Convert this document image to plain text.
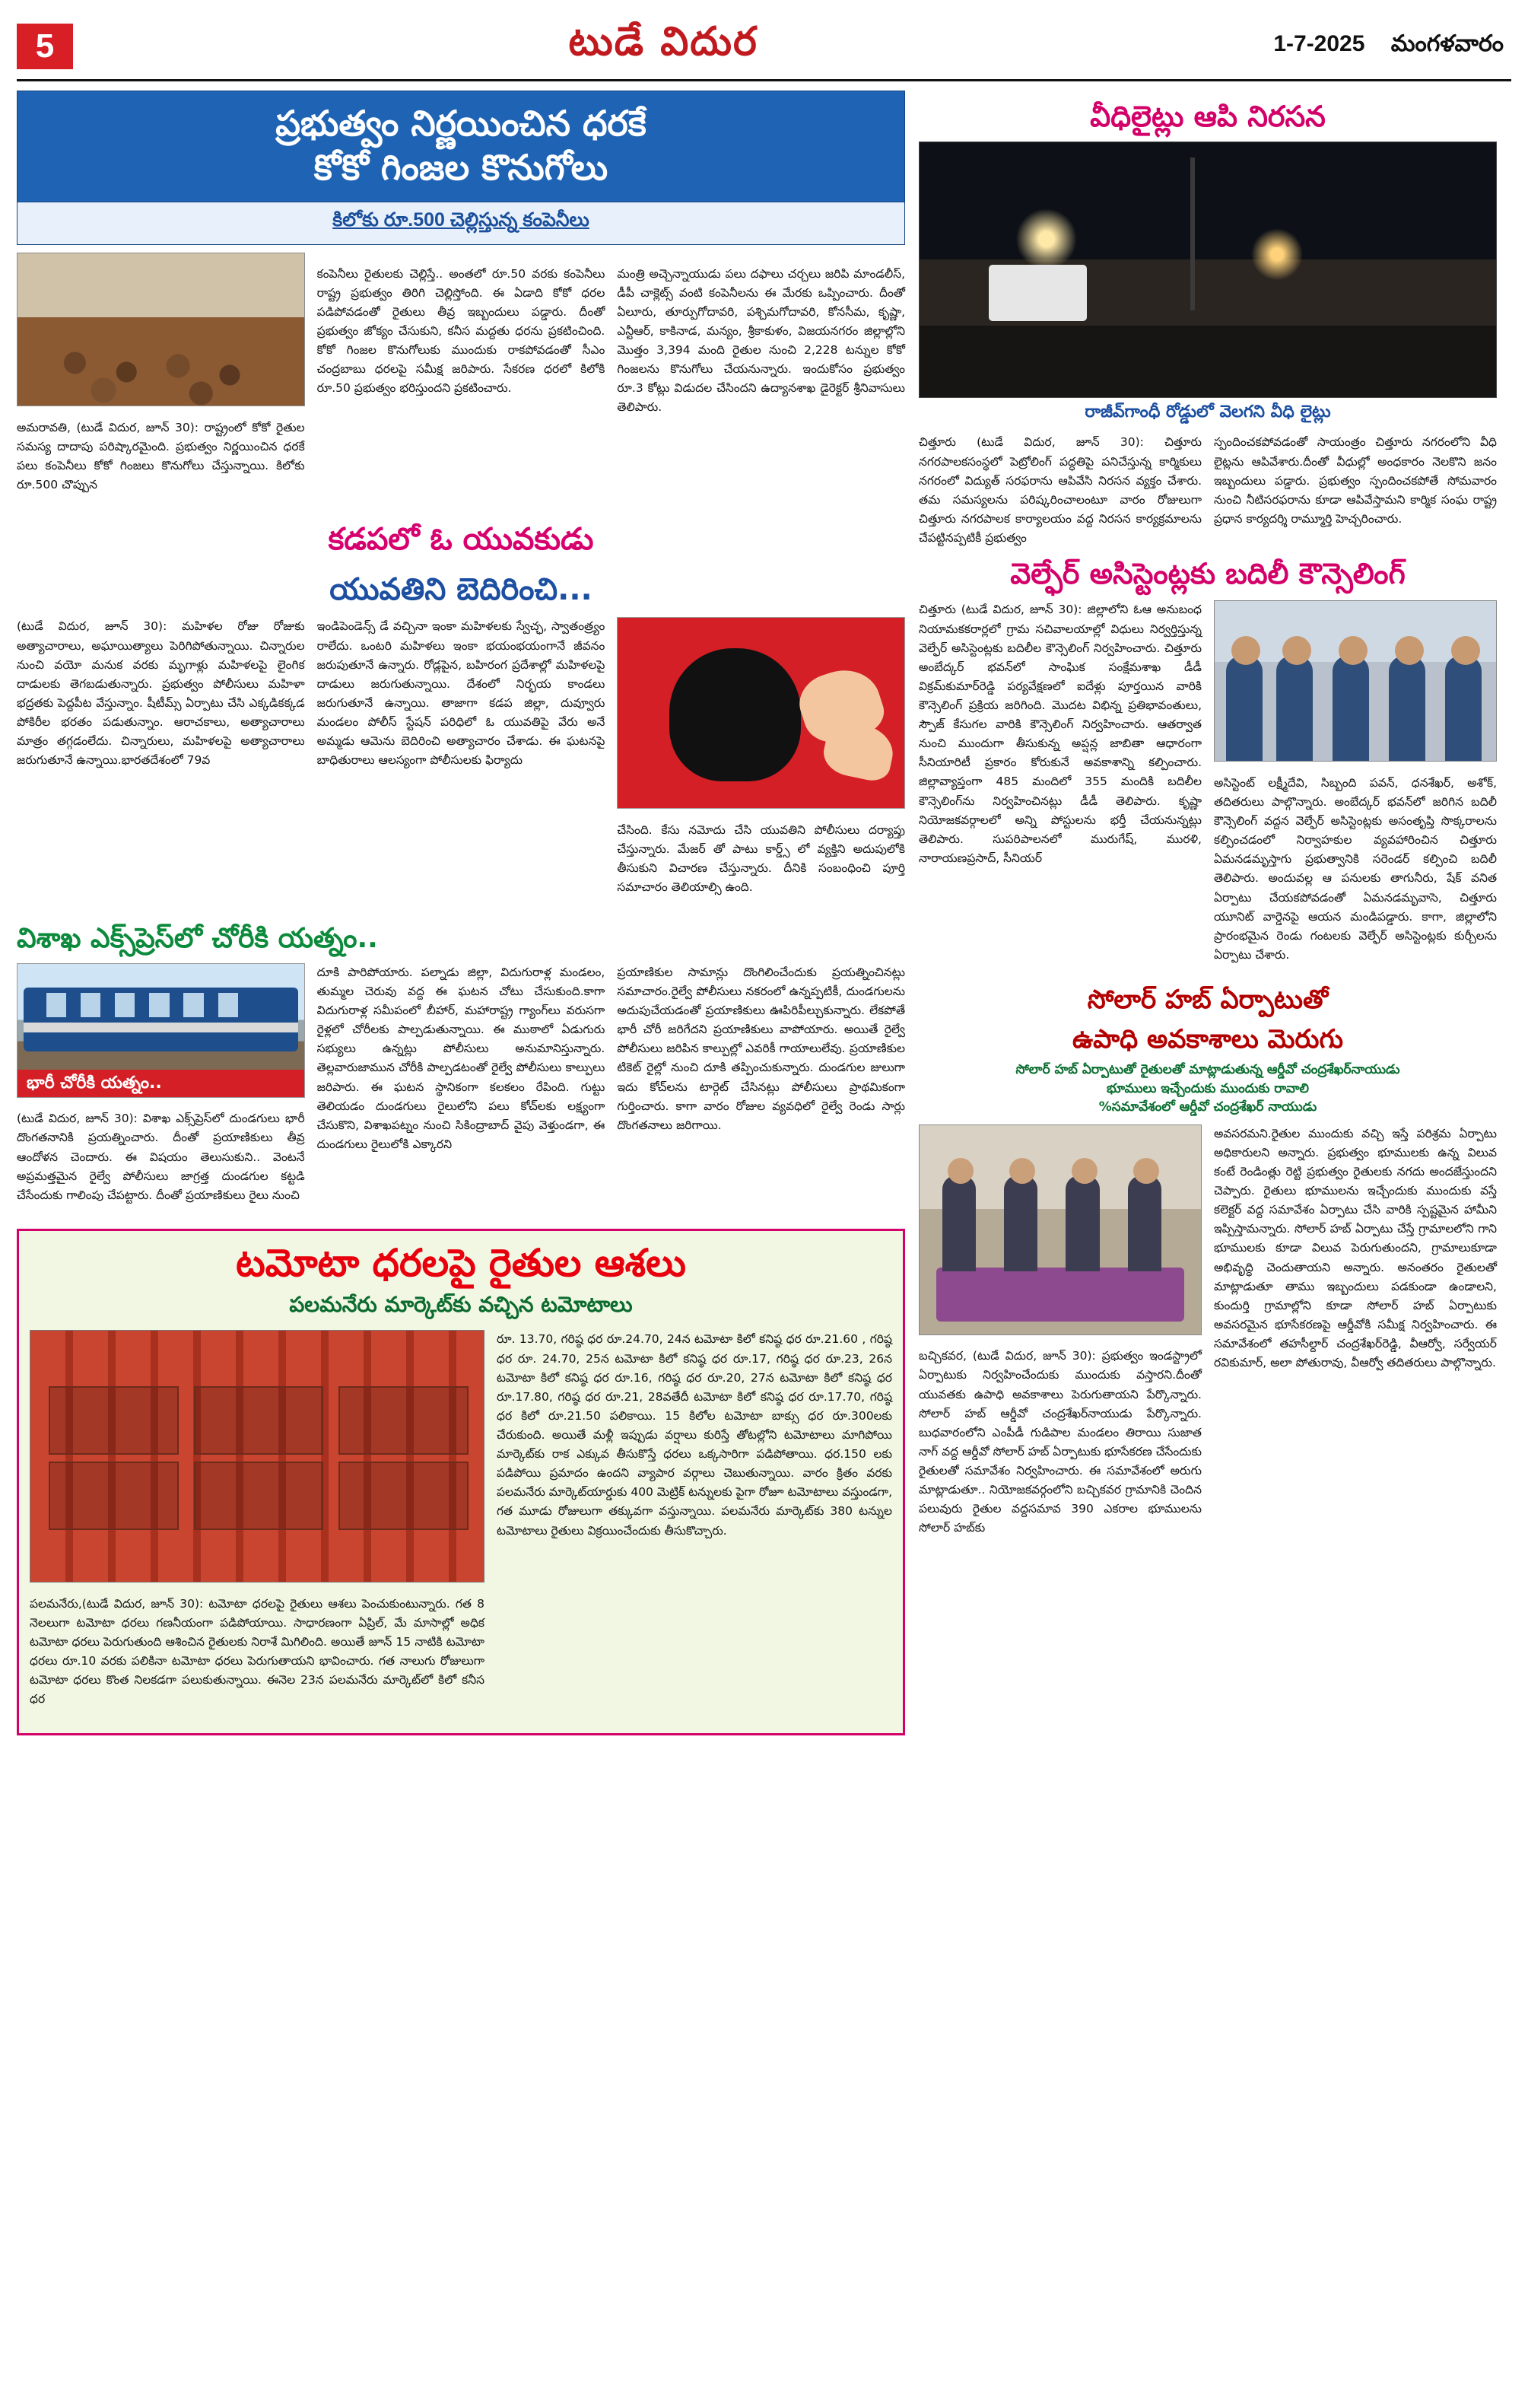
5	టుడే విదుర	1-7-2025 మంగళవారం
ప్రభుత్వం నిర్ణయించిన ధరకే
కోకో గింజల కొనుగోలు
కిలోకు రూ.500 చెల్లిస్తున్న కంపెనీలు

అమరావతి, (టుడే విదుర, జూన్ 30): రాష్ట్రంలో కోకో రైతుల సమస్య దాదాపు పరిష్కారమైంది. ప్రభుత్వం నిర్ణయించిన ధరకే పలు కంపెనీలు కోకో గింజలు కొనుగోలు చేస్తున్నాయి. కిలోకు రూ.500 చొప్పున

కంపెనీలు రైతులకు చెల్లిస్తే.. అంతలో రూ.50 వరకు కంపెనీలు రాష్ట్ర ప్రభుత్వం తిరిగి చెల్లిస్తోంది. ఈ ఏడాది కోకో ధరల పడిపోవడంతో రైతులు తీవ్ర ఇబ్బందులు పడ్డారు. దీంతో ప్రభుత్వం జోక్యం చేసుకుని, కనీస మద్దతు ధరను ప్రకటించింది. కోకో గింజల కొనుగోలుకు ముందుకు రాకపోవడంతో సీఎం చంద్రబాబు ధరలపై సమీక్ష జరిపారు. సేకరణ ధరలో కిలోకి రూ.50 ప్రభుత్వం భరిస్తుందని ప్రకటించారు.

మంత్రి అచ్చెన్నాయుడు పలు దఫాలు చర్చలు జరిపి మాండలీస్, డీపీ చాక్లెట్స్ వంటి కంపెనీలను ఈ మేరకు ఒప్పించారు. దీంతో ఏలూరు, తూర్పుగోదావరి, పశ్చిమగోదావరి, కోనసీమ, కృష్ణా, ఎన్టీఆర్, కాకినాడ, మన్యం, శ్రీకాకుళం, విజయనగరం జిల్లాల్లోని మొత్తం 3,394 మంది రైతుల నుంచి 2,228 టన్నుల కోకో గింజలను కొనుగోలు చేయనున్నారు. ఇందుకోసం ప్రభుత్వం రూ.3 కోట్లు విడుదల చేసిందని ఉద్యానశాఖ డైరెక్టర్ శ్రీనివాసులు తెలిపారు.

కడపలో ఓ యువకుడు
యువతిని బెదిరించి...
(టుడే విదుర, జూన్ 30): మహిళల రోజు రోజుకు అత్యాచారాలు, అఘాయిత్యాలు పెరిగిపోతున్నాయి. చిన్నారుల నుంచి వయో మనుక వరకు మృగాళ్లు మహిళలపై లైంగిక దాడులకు తెగబడుతున్నారు. ప్రభుత్వం పోలీసులు మహిళా భద్రతకు పెద్దపీట వేస్తున్నాం. షీటీమ్స్ ఏర్పాటు చేసి ఎక్కడికక్కడ పోకిరీల భరతం పడుతున్నాం. ఆరాచకాలు, అత్యాచారాలు మాత్రం తగ్గడంలేదు. చిన్నారులు, మహిళలపై అత్యాచారాలు జరుగుతూనే ఉన్నాయి.భారతదేశంలో 79వ
ఇండిపెండెన్స్ డే వచ్చినా ఇంకా మహిళలకు స్వేచ్ఛ, స్వాతంత్ర్యం రాలేదు. ఒంటరి మహిళలు ఇంకా భయంభయంగానే జీవనం జరుపుతూనే ఉన్నారు. రోడ్లపైన, బహిరంగ ప్రదేశాల్లో మహిళలపై దాడులు జరుగుతున్నాయి. దేశంలో నిర్భయ కాండలు జరుగుతూనే ఉన్నాయి. తాజాగా కడప జిల్లా, దువ్వూరు మండలం పోలీస్ స్టేషన్ పరిధిలో ఓ యువతిపై వేరు అనే అమ్మడు ఆమెను బెదిరించి అత్యాచారం చేశాడు. ఈ ఘటనపై బాధితురాలు ఆలస్యంగా పోలీసులకు ఫిర్యాదు

చేసింది. కేసు నమోదు చేసి యువతిని పోలీసులు దర్యాప్తు చేస్తున్నారు. మేజర్ తో పాటు కార్డ్స్ లో వ్యక్తిని అదుపులోకి తీసుకుని విచారణ చేస్తున్నారు. దీనికి సంబంధించి పూర్తి సమాచారం తెలియాల్సి ఉంది.

విశాఖ ఎక్స్‌ప్రెస్‌లో చోరీకి యత్నం..
భారీ చోరీకి యత్నం..

(టుడే విదుర, జూన్ 30): విశాఖ ఎక్స్‌ప్రెస్‌లో దుండగులు భారీ దొంగతనానికి ప్రయత్నించారు. దీంతో ప్రయాణికులు తీవ్ర ఆందోళన చెందారు. ఈ విషయం తెలుసుకుని.. వెంటనే అప్రమత్తమైన రైల్వే పోలీసులు జాగ్రత్త దుండగుల కట్టడి చేసేందుకు గాలింపు చేపట్టారు. దీంతో ప్రయాణికులు రైలు నుంచి

దూకి పారిపోయారు. పల్నాడు జిల్లా, విదుగురాళ్ల మండలం, తుమ్మల చెరువు వద్ద ఈ ఘటన చోటు చేసుకుంది.కాగా విదుగురాళ్ల సమీపంలో బీహార్, మహారాష్ట్ర గ్యాంగ్‌లు వరుసగా రైళ్లలో చోరీలకు పాల్పడుతున్నాయి. ఈ ముఠాలో ఏడుగురు సభ్యులు ఉన్నట్లు పోలీసులు అనుమానిస్తున్నారు. తెల్లవారుజామున చోరీకి పాల్పడటంతో రైల్వే పోలీసులు కాల్పులు జరిపారు. ఈ ఘటన స్థానికంగా కలకలం రేపింది. గుట్టు తెలియడం దుండగులు రైలులోని పలు కోచ్‌లకు లక్ష్యంగా చేసుకొని, విశాఖపట్నం నుంచి సికింద్రాబాద్ వైపు వెళ్తుండగా, ఈ దుండగులు రైలులోకి ఎక్కారని
ప్రయాణికుల సామాన్లు దొంగిలించేందుకు ప్రయత్నించినట్లు సమాచారం.రైల్వే పోలీసులు నకరంలో ఉన్నప్పటికీ, దుండగులను అదుపుచేయడంతో ప్రయాణికులు ఊపిరిపీల్చుకున్నారు. లేకపోతే భారీ చోరీ జరిగేదని ప్రయాణికులు వాపోయారు. అయితే రైల్వే పోలీసులు జరిపిన కాల్పుల్లో ఎవరికీ గాయాలులేవు. ప్రయాణికుల టికెట్ రైల్లో నుంచి దూకి తప్పించుకున్నారు. దుండగుల జులుగా ఇదు కోచ్‌లను టార్గెట్ చేసినట్లు పోలీసులు ప్రాథమికంగా గుర్తించారు. కాగా వారం రోజుల వ్యవధిలో రైల్వే రెండు సార్లు దొంగతనాలు జరిగాయి.
టమోటా ధరలపై రైతుల ఆశలు
పలమనేరు మార్కెట్‌కు వచ్చిన టమోటాలు

పలమనేరు,(టుడే విదుర, జూన్ 30): టమోటా ధరలపై రైతులు ఆశలు పెంచుకుంటున్నారు. గత 8 నెలలుగా టమోటా ధరలు గణనీయంగా పడిపోయాయి. సాధారణంగా ఏప్రిల్, మే మాసాల్లో అధిక టమోటా ధరలు పెరుగుతుంది ఆశించిన రైతులకు నిరాశే మిగిలింది. అయితే జూన్ 15 నాటికి టమోటా ధరలు రూ.10 వరకు పలికినా టమోటా ధరలు పెరుగుతాయని భావించారు. గత నాలుగు రోజులుగా టమోటా ధరలు కొంత నిలకడగా పలుకుతున్నాయి. ఈనెల 23న పలమనేరు మార్కెట్‌లో కిలో కనీస ధర

రూ. 13.70, గరిష్ఠ ధర రూ.24.70, 24న టమోటా కిలో కనిష్ఠ ధర రూ.21.60 , గరిష్ఠ ధర రూ. 24.70, 25న టమోటా కిలో కనిష్ఠ ధర రూ.17, గరిష్ఠ ధర రూ.23, 26న టమోటా కిలో కనిష్ఠ ధర రూ.16, గరిష్ఠ ధర రూ.20, 27న టమోటా కిలో కనిష్ఠ ధర రూ.17.80, గరిష్ఠ ధర రూ.21, 28వతేదీ టమోటా కిలో కనిష్ఠ ధర రూ.17.70, గరిష్ఠ ధర కిలో రూ.21.50 పలికాయి. 15 కిలోల టమోటా బాక్సు ధర రూ.300లకు చేరుకుంది. అయితే మళ్లీ ఇప్పుడు వర్షాలు కురిస్తే తోటల్లోని టమోటాలు మాగిపోయి మార్కెట్‌కు రాక ఎక్కువ తీసుకొస్తే ధరలు ఒక్కసారిగా పడిపోతాయి. ధర.150 లకు పడిపోయి ప్రమాదం ఉందని వ్యాపార వర్గాలు చెబుతున్నాయి. వారం క్రితం వరకు పలమనేరు మార్కెట్‌యార్డుకు 400 మెట్రిక్ టన్నులకు పైగా రోజూ టమోటాలు వస్తుండగా, గత మూడు రోజులుగా తక్కువగా వస్తున్నాయి. పలమనేరు మార్కెట్‌కు 380 టన్నుల టమోటాలు రైతులు విక్రయించేందుకు తీసుకొచ్చారు.
వీధిలైట్లు ఆపి నిరసన
రాజీవ్‌గాంధీ రోడ్డులో వెలగని వీధి లైట్లు
చిత్తూరు (టుడే విదుర, జూన్ 30): చిత్తూరు నగరపాలకసంస్థలో పెట్రోలింగ్ పద్ధతిపై పనిచేస్తున్న కార్మికులు నగరంలో విద్యుత్ సరఫరాను ఆపివేసి నిరసన వ్యక్తం చేశారు. తమ సమస్యలను పరిష్కరించాలంటూ వారం రోజులుగా చిత్తూరు నగరపాలక కార్యాలయం వద్ద నిరసన కార్యక్రమాలను చేపట్టినప్పటికీ ప్రభుత్వం
స్పందించకపోవడంతో సాయంత్రం చిత్తూరు నగరంలోని వీధి లైట్లను ఆపివేశారు.దీంతో వీధుల్లో అంధకారం నెలకొని జనం ఇబ్బందులు పడ్డారు. ప్రభుత్వం స్పందించకపోతే సోమవారం నుంచి నీటిసరఫరాను కూడా ఆపివేస్తామని కార్మిక సంఘ రాష్ట్ర ప్రధాన కార్యదర్శి రామ్మూర్తి హెచ్చరించారు.
వెల్ఫేర్ అసిస్టెంట్లకు బదిలీ కౌన్సెలింగ్
చిత్తూరు (టుడే విదుర, జూన్ 30): జిల్లాలోని ఓఆ అనుబంధ నియామకకరార్లలో గ్రామ సచివాలయాల్లో విధులు నిర్వర్తిస్తున్న వెల్ఫేర్ అసిస్టెంట్లకు బదిలీల కౌన్సెలింగ్ నిర్వహించారు. చిత్తూరు అంబేద్కర్ భవన్‌లో సాంఘిక సంక్షేమశాఖ డీడీ విక్రమ్‌కుమార్‌రెడ్డి పర్యవేక్షణలో ఐదేళ్లు పూర్తయిన వారికి కౌన్సెలింగ్ ప్రక్రియ జరిగింది. మొదట విభిన్న ప్రతిభావంతులు, స్పౌజ్ కేసుగల వారికి కౌన్సెలింగ్ నిర్వహించారు. ఆతర్వాత నుంచి ముందుగా తీసుకున్న అప్షన్ల జాబితా ఆధారంగా సీనియారిటీ ప్రకారం కోరుకునే అవకాశాన్ని కల్పించారు. జిల్లావ్యాప్తంగా 485 మందిలో 355 మందికి బదిలీల కౌన్సెలింగ్‌ను నిర్వహించినట్లు డీడీ తెలిపారు. కృష్ణా నియోజకవర్గాలలో అన్ని పోస్టులను భర్తీ చేయనున్నట్లు తెలిపారు. సుపరిపాలనలో మురుగేష్, మురళి, నారాయణప్రసాద్, సీనియర్

అసిస్టెంట్ లక్ష్మీదేవి, సిబ్బంది పవన్, ధనశేఖర్, అశోక్, తదితరులు పాల్గొన్నారు. అంబేద్కర్ భవన్‌లో జరిగిన బదిలీ కౌన్సెలింగ్ వద్దన వెల్ఫేర్ అసిస్టెంట్లకు అసంతృప్తి సొక్కరాలను కల్పించడంలో నిర్వాహకుల వ్యవహారించిన చిత్తూరు ఏమనడమృస్తాగు ప్రభుత్వానికి సరెండర్ కల్పించి బదిలీ తెలిపారు. అందువల్ల ఆ పనులకు తాగునీరు, షేక్ వనిత ఏర్పాటు చేయకపోవడంతో ఏమనడమృవాసె, చిత్తూరు యూనిట్ వార్డెనపై ఆయన మండిపడ్డారు. కాగా, జిల్లాలోని ప్రారంభమైన రెండు గంటలకు వెల్ఫేర్ అసిస్టెంట్లకు కుర్చీలను ఏర్పాటు చేశారు.

సోలార్ హబ్ ఏర్పాటుతో
ఉపాధి అవకాశాలు మెరుగు
సోలార్ హబ్ ఏర్పాటుతో రైతులతో మాట్లాడుతున్న ఆర్డీవో చంద్రశేఖర్‌నాయుడు
భూములు ఇచ్చేందుకు ముందుకు రావాలి
%సమావేశంలో ఆర్డీవో చంద్రశేఖర్ నాయుడు

బచ్చికవర, (టుడే విదుర, జూన్ 30): ప్రభుత్వం ఇండస్ట్రాలో ఏర్పాటుకు నిర్వహించేందుకు ముందుకు వస్తారని.దీంతో యువతకు ఉపాధి అవకాశాలు పెరుగుతాయని పేర్కొన్నారు. సోలార్ హబ్ ఆర్డీవో చంద్రశేఖర్‌నాయుడు పేర్కొన్నారు. బుధవారంలోని ఎంపీడీ గుడిపాల మండలం తిరాయి సుజాత నాగ్ వద్ద ఆర్డీవో సోలార్ హబ్ ఏర్పాటుకు భూసేకరణ చేసేందుకు రైతులతో సమావేశం నిర్వహించారు. ఈ సమావేశంలో అరుగు మాట్లాడుతూ.. నియోజకవర్గంలోని బచ్చికవర గ్రామానికి చెందిన పలువురు రైతుల వద్దసమావ 390 ఎకరాల భూములను సోలార్ హబ్‌కు

అవసరమని.రైతుల ముందుకు వచ్చి ఇస్తే పరిశ్రమ ఏర్పాటు అధికారులని అన్నారు. ప్రభుత్వం భూములకు ఉన్న విలువ కంటే రెండింత్లు రెట్టి ప్రభుత్వం రైతులకు నగదు అందజేస్తుందని చెప్పారు. రైతులు భూములను ఇచ్చేందుకు ముందుకు వస్తే కలెక్టర్ వద్ద సమావేశం ఏర్పాటు చేసి వారికి స్పష్టమైన హామీని ఇప్పిస్తామన్నారు. సోలార్ హబ్ ఏర్పాటు చేస్తే గ్రామాలలోని గాని భూములకు కూడా విలువ పెరుగుతుందని, గ్రామాలుకూడా అభివృద్ధి చెందుతాయని అన్నారు. అనంతరం రైతులతో మాట్లాడుతూ తాము ఇబ్బందులు పడకుండా ఉండాలని, కుందుర్తి గ్రామాల్లోని కూడా సోలార్ హబ్ ఏర్పాటుకు అవసరమైన భూసేకరణపై ఆర్డీవోకి సమీక్ష నిర్వహించారు. ఈ సమావేశంలో తహసీల్దార్ చంద్రశేఖర్‌రెడ్డి, వీఆర్వో, సర్వేయర్ రవికుమార్, అలా పోతురావు, వీఆర్వో తదితరులు పాల్గొన్నారు.
